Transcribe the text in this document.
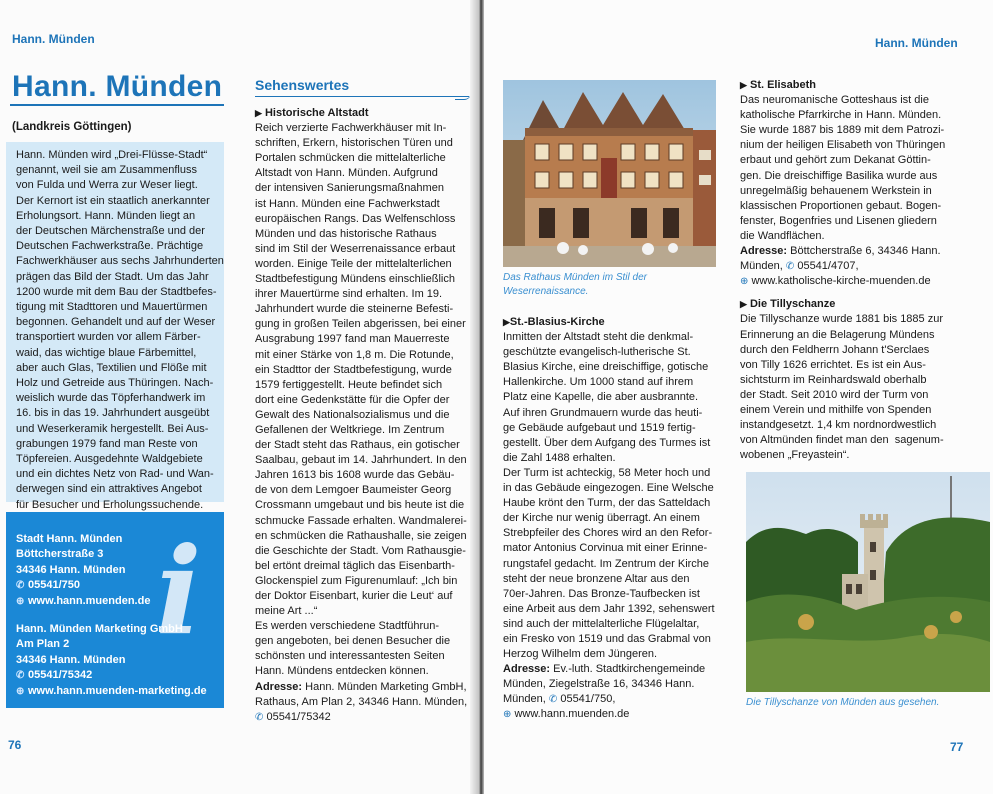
Hann. Münden
Hann. Münden
(Landkreis Göttingen)

Hann. Münden wird „Drei-Flüsse-Stadt“
genannt, weil sie am Zusammenfluss
von Fulda und Werra zur Weser liegt.
Der Kernort ist ein staatlich anerkannter
Erholungsort. Hann. Münden liegt an
der Deutschen Märchenstraße und der
Deutschen Fachwerkstraße. Prächtige
Fachwerkhäuser aus sechs Jahrhunderten
prägen das Bild der Stadt. Um das Jahr
1200 wurde mit dem Bau der Stadtbefes-
tigung mit Stadttoren und Mauertürmen
begonnen. Gehandelt und auf der Weser
transportiert wurden vor allem Färber-
waid, das wichtige blaue Färbemittel,
aber auch Glas, Textilien und Flöße mit
Holz und Getreide aus Thüringen. Nach-
weislich wurde das Töpferhandwerk im
16. bis in das 19. Jahrhundert ausgeübt
und Weserkeramik hergestellt. Bei Aus-
grabungen 1979 fand man Reste von
Töpfereien. Ausgedehnte Waldgebiete
und ein dichtes Netz von Rad- und Wan-
derwegen sind ein attraktives Angebot
für Besucher und Erholungssuchende.

i
Stadt Hann. Münden
Böttcherstraße 3
34346 Hann. Münden
✆ 05541/750
⊕ www.hann.muenden.de
Hann. Münden Marketing GmbH
Am Plan 2
34346 Hann. Münden
✆ 05541/75342
⊕ www.hann.muenden-marketing.de
Sehenswertes
▶ Historische Altstadt
Reich verzierte Fachwerkhäuser mit In-
schriften, Erkern, historischen Türen und
Portalen schmücken die mittelalterliche
Altstadt von Hann. Münden. Aufgrund
der intensiven Sanierungsmaßnahmen
ist Hann. Münden eine Fachwerkstadt
europäischen Rangs. Das Welfenschloss
Münden und das historische Rathaus
sind im Stil der Weserrenaissance erbaut
worden. Einige Teile der mittelalterlichen
Stadtbefestigung Mündens einschließlich
ihrer Mauertürme sind erhalten. Im 19.
Jahrhundert wurde die steinerne Befesti-
gung in großen Teilen abgerissen, bei einer
Ausgrabung 1997 fand man Mauerreste
mit einer Stärke von 1,8 m. Die Rotunde,
ein Stadttor der Stadtbefestigung, wurde
1579 fertiggestellt. Heute befindet sich
dort eine Gedenkstätte für die Opfer der
Gewalt des Nationalsozialismus und die
Gefallenen der Weltkriege. Im Zentrum
der Stadt steht das Rathaus, ein gotischer
Saalbau, gebaut im 14. Jahrhundert. In den
Jahren 1613 bis 1608 wurde das Gebäu-
de von dem Lemgoer Baumeister Georg
Crossmann umgebaut und bis heute ist die
schmucke Fassade erhalten. Wandmalerei-
en schmücken die Rathaushalle, sie zeigen
die Geschichte der Stadt. Vom Rathausgie-
bel ertönt dreimal täglich das Eisenbarth-
Glockenspiel zum Figurenumlauf: „Ich bin
der Doktor Eisenbart, kurier die Leut‘ auf
meine Art ...“
Es werden verschiedene Stadtführun-
gen angeboten, bei denen Besucher die
schönsten und interessantesten Seiten
Hann. Mündens entdecken können.
Adresse: Hann. Münden Marketing GmbH,
Rathaus, Am Plan 2, 34346 Hann. Münden,
✆ 05541/75342
76
Hann. Münden
Das Rathaus Münden im Stil der
Weserrenaissance.
▶St.-Blasius-Kirche
Inmitten der Altstadt steht die denkmal-
geschützte evangelisch-lutherische St.
Blasius Kirche, eine dreischiffige, gotische
Hallenkirche. Um 1000 stand auf ihrem
Platz eine Kapelle, die aber ausbrannte.
Auf ihren Grundmauern wurde das heuti-
ge Gebäude aufgebaut und 1519 fertig-
gestellt. Über dem Aufgang des Turmes ist
die Zahl 1488 erhalten.
Der Turm ist achteckig, 58 Meter hoch und
in das Gebäude eingezogen. Eine Welsche
Haube krönt den Turm, der das Satteldach
der Kirche nur wenig überragt. An einem
Strebpfeiler des Chores wird an den Refor-
mator Antonius Corvinua mit einer Erinne-
rungstafel gedacht. Im Zentrum der Kirche
steht der neue bronzene Altar aus den
70er-Jahren. Das Bronze-Taufbecken ist
eine Arbeit aus dem Jahr 1392, sehenswert
sind auch der mittelalterliche Flügelaltar,
ein Fresko von 1519 und das Grabmal von
Herzog Wilhelm dem Jüngeren.
Adresse: Ev.-luth. Stadtkirchengemeinde
Münden, Ziegelstraße 16, 34346 Hann.
Münden, ✆ 05541/750,
⊕ www.hann.muenden.de
▶ St. Elisabeth
Das neuromanische Gotteshaus ist die
katholische Pfarrkirche in Hann. Münden.
Sie wurde 1887 bis 1889 mit dem Patrozi-
nium der heiligen Elisabeth von Thüringen
erbaut und gehört zum Dekanat Göttin-
gen. Die dreischiffige Basilika wurde aus
unregelmäßig behauenem Werkstein in
klassischen Proportionen gebaut. Bogen-
fenster, Bogenfries und Lisenen gliedern
die Wandflächen.
Adresse: Böttcherstraße 6, 34346 Hann.
Münden, ✆ 05541/4707,
⊕ www.katholische-kirche-muenden.de
▶ Die Tillyschanze
Die Tillyschanze wurde 1881 bis 1885 zur
Erinnerung an die Belagerung Mündens
durch den Feldherrn Johann t'Serclaes
von Tilly 1626 errichtet. Es ist ein Aus-
sichtsturm im Reinhardswald oberhalb
der Stadt. Seit 2010 wird der Turm von
einem Verein und mithilfe von Spenden
instandgesetzt. 1,4 km nordnordwestlich
von Altmünden findet man den  sagenum-
wobenen „Freyastein“.
Die Tillyschanze von Münden aus gesehen.
77
